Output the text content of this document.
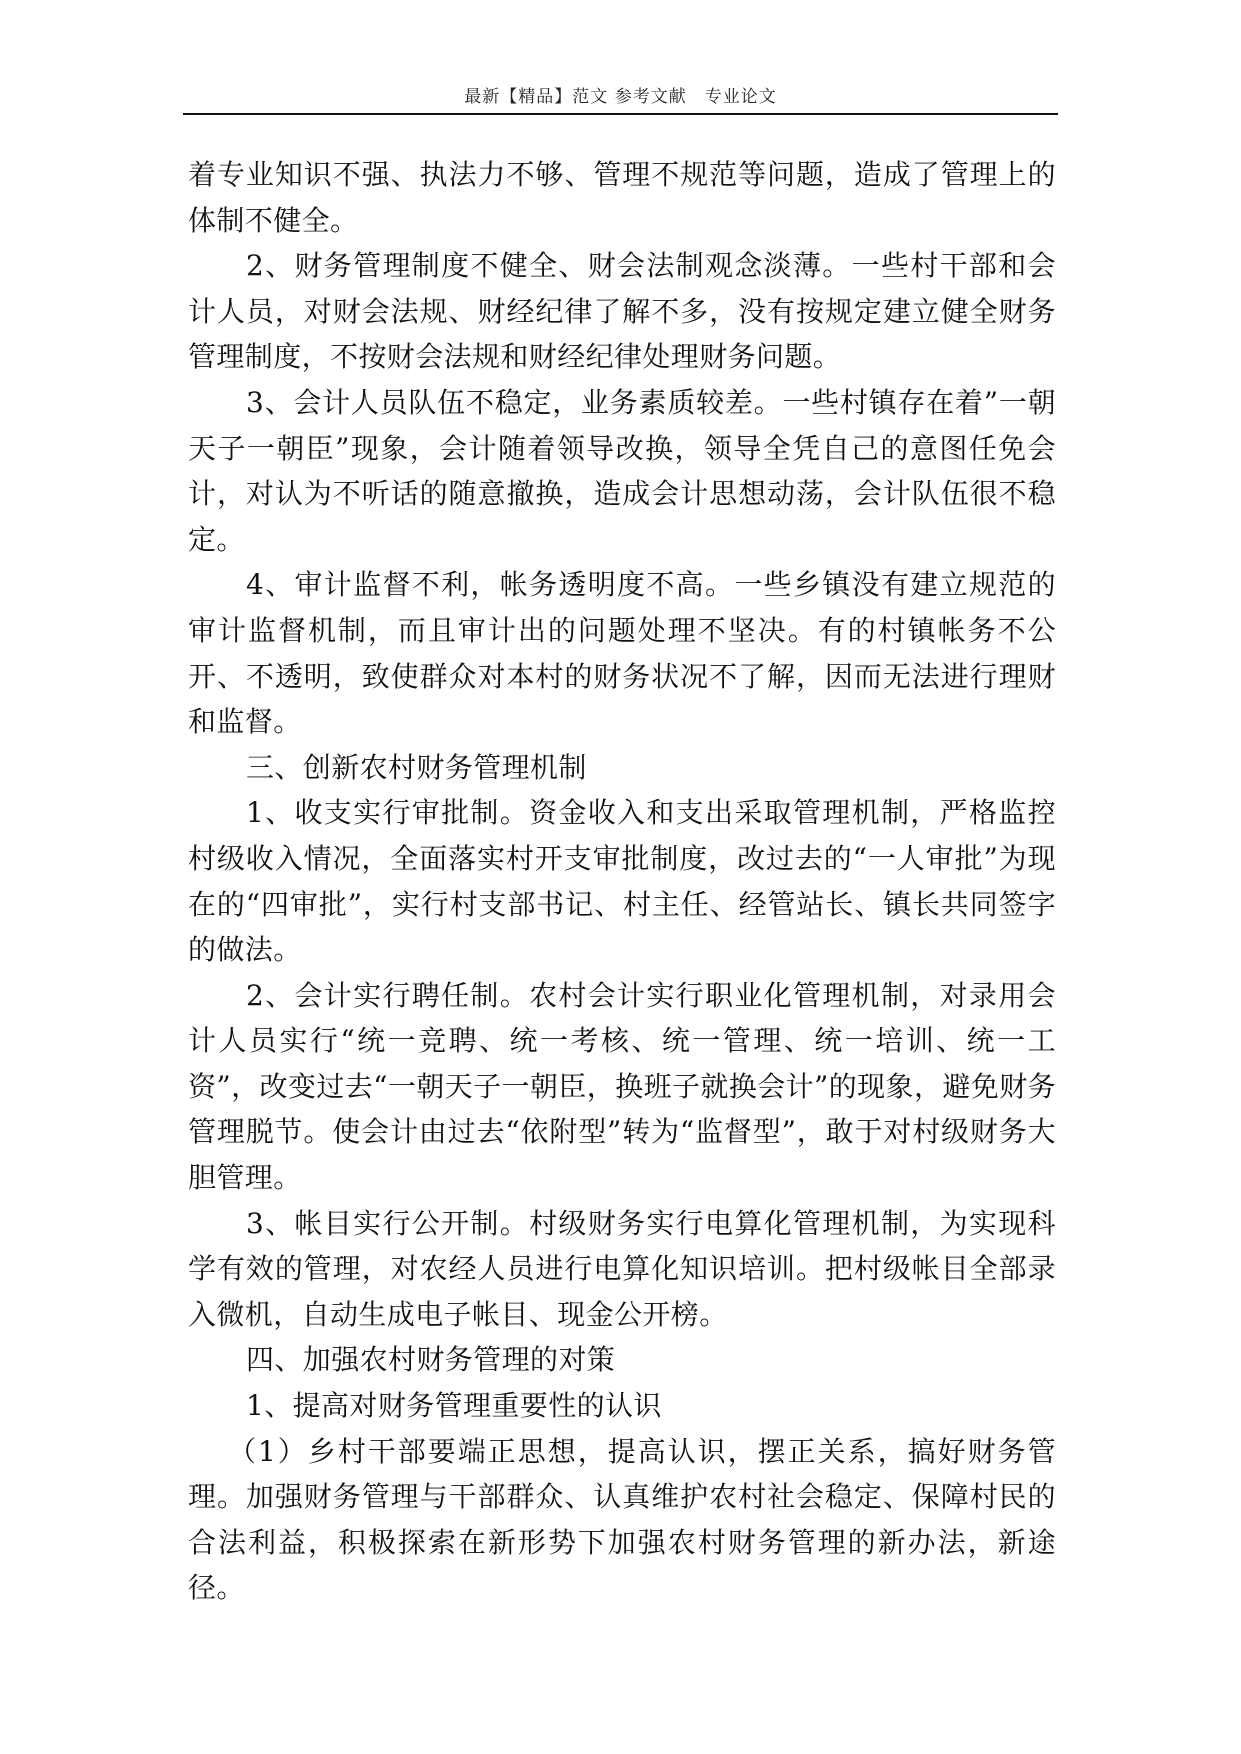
最新【精品】范文 参考文献　专业论文

着专业知识不强、执法力不够、管理不规范等问题，造成了管理上的体制不健全。

2、财务管理制度不健全、财会法制观念淡薄。一些村干部和会计人员，对财会法规、财经纪律了解不多，没有按规定建立健全财务管理制度，不按财会法规和财经纪律处理财务问题。

3、会计人员队伍不稳定，业务素质较差。一些村镇存在着”一朝天子一朝臣”现象，会计随着领导改换，领导全凭自己的意图任免会计，对认为不听话的随意撤换，造成会计思想动荡，会计队伍很不稳定。

4、审计监督不利，帐务透明度不高。一些乡镇没有建立规范的审计监督机制，而且审计出的问题处理不坚决。有的村镇帐务不公开、不透明，致使群众对本村的财务状况不了解，因而无法进行理财和监督。

三、创新农村财务管理机制

1、收支实行审批制。资金收入和支出采取管理机制，严格监控村级收入情况，全面落实村开支审批制度，改过去的“一人审批”为现在的“四审批”，实行村支部书记、村主任、经管站长、镇长共同签字的做法。

2、会计实行聘任制。农村会计实行职业化管理机制，对录用会计人员实行“统一竞聘、统一考核、统一管理、统一培训、统一工资”，改变过去“一朝天子一朝臣，换班子就换会计”的现象，避免财务管理脱节。使会计由过去“依附型”转为“监督型”，敢于对村级财务大胆管理。

3、帐目实行公开制。村级财务实行电算化管理机制，为实现科学有效的管理，对农经人员进行电算化知识培训。把村级帐目全部录入微机，自动生成电子帐目、现金公开榜。

四、加强农村财务管理的对策

1、提高对财务管理重要性的认识

（1）乡村干部要端正思想，提高认识，摆正关系，搞好财务管理。加强财务管理与干部群众、认真维护农村社会稳定、保障村民的合法利益，积极探索在新形势下加强农村财务管理的新办法，新途径。
